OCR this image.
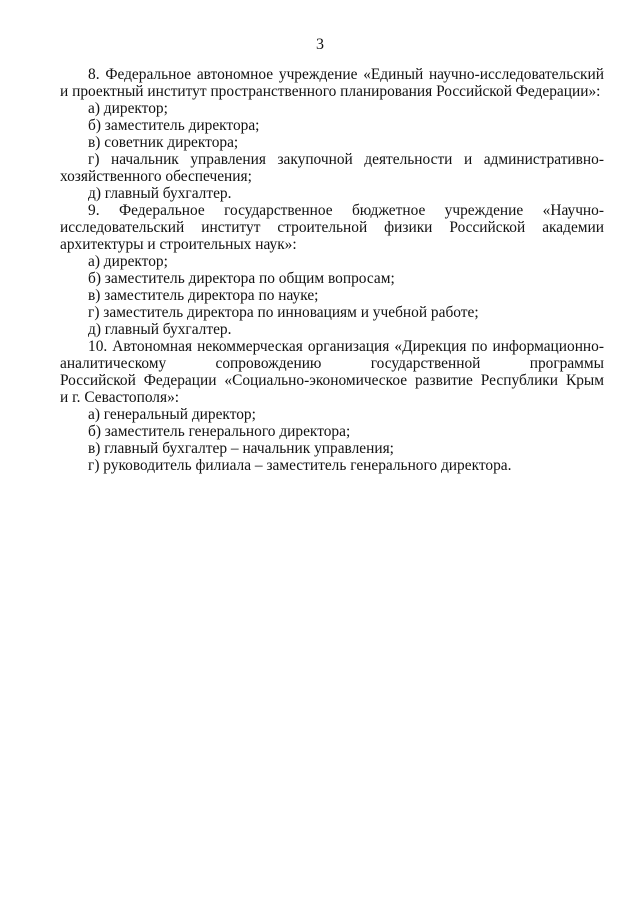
3
8. Федеральное автономное учреждение «Единый научно-исследовательский
и проектный институт пространственного планирования Российской Федерации»:
а) директор;
б) заместитель директора;
в) советник директора;
г) начальник управления закупочной деятельности и административно-
хозяйственного обеспечения;
д) главный бухгалтер.
9. Федеральное государственное бюджетное учреждение «Научно-
исследовательский институт строительной физики Российской академии
архитектуры и строительных наук»:
а) директор;
б) заместитель директора по общим вопросам;
в) заместитель директора по науке;
г) заместитель директора по инновациям и учебной работе;
д) главный бухгалтер.
10. Автономная некоммерческая организация «Дирекция по информационно-
аналитическому сопровождению государственной программы
Российской Федерации «Социально-экономическое развитие Республики Крым
и г. Севастополя»:
а) генеральный директор;
б) заместитель генерального директора;
в) главный бухгалтер – начальник управления;
г) руководитель филиала – заместитель генерального директора.
